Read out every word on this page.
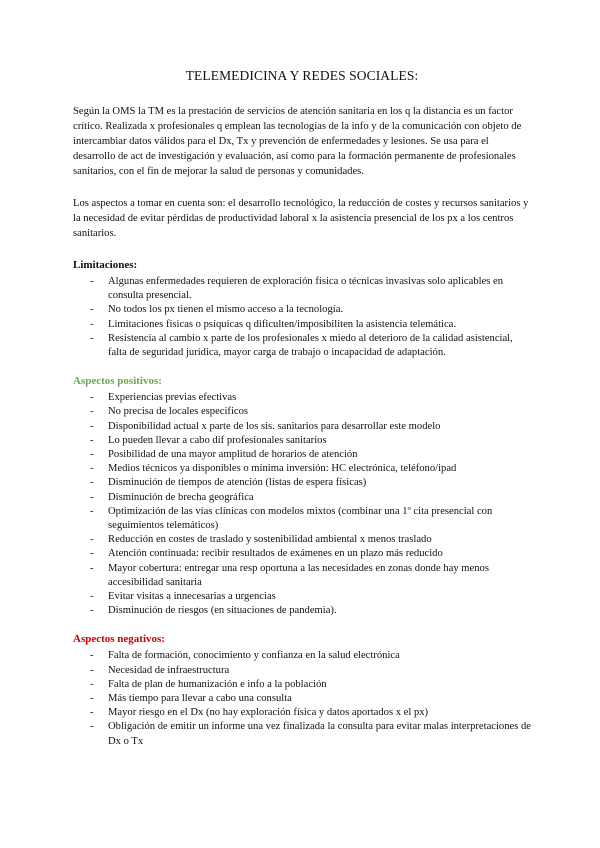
TELEMEDICINA Y REDES SOCIALES:

Según la OMS la TM es la prestación de servicios de atención sanitaria en los q la distancia es un factor crítico. Realizada x profesionales q emplean las tecnologías de la info y de la comunicación con objeto de intercambiar datos válidos para el Dx, Tx y prevención de enfermedades y lesiones. Se usa para el desarrollo de act de investigación y evaluación, así como para la formación permanente de profesionales sanitarios, con el fin de mejorar la salud de personas y comunidades.

Los aspectos a tomar en cuenta son: el desarrollo tecnológico, la reducción de costes y recursos sanitarios y la necesidad de evitar pérdidas de productividad laboral x la asistencia presencial de los px a los centros sanitarios.

Limitaciones:
- Algunas enfermedades requieren de exploración física o técnicas invasivas solo aplicables en consulta presencial.
- No todos los px tienen el mismo acceso a la tecnología.
- Limitaciones físicas o psíquicas q dificulten/imposibiliten la asistencia telemática.
- Resistencia al cambio x parte de los profesionales x miedo al deterioro de la calidad asistencial, falta de seguridad jurídica, mayor carga de trabajo o incapacidad de adaptación.
Aspectos positivos:
- Experiencias previas efectivas
- No precisa de locales específicos
- Disponibilidad actual x parte de los sis. sanitarios para desarrollar este modelo
- Lo pueden llevar a cabo dif profesionales sanitarios
- Posibilidad de una mayor amplitud de horarios de atención
- Medios técnicos ya disponibles o mínima inversión: HC electrónica, teléfono/ipad
- Disminución de tiempos de atención (listas de espera físicas)
- Disminución de brecha geográfica
- Optimización de las vías clínicas con modelos mixtos (combinar una 1º cita presencial con seguimientos telemáticos)
- Reducción en costes de traslado y sostenibilidad ambiental x menos traslado
- Atención continuada: recibir resultados de exámenes en un plazo más reducido
- Mayor cobertura: entregar una resp oportuna a las necesidades en zonas donde hay menos accesibilidad sanitaria
- Evitar visitas a innecesarias a urgencias
- Disminución de riesgos (en situaciones de pandemia).
Aspectos negativos:
- Falta de formación, conocimiento y confianza en la salud electrónica
- Necesidad de infraestructura
- Falta de plan de humanización e info a la población
- Más tiempo para llevar a cabo una consulta
- Mayor riesgo en el Dx (no hay exploración física y datos aportados x el px)
- Obligación de emitir un informe una vez finalizada la consulta para evitar malas interpretaciones de Dx o Tx
